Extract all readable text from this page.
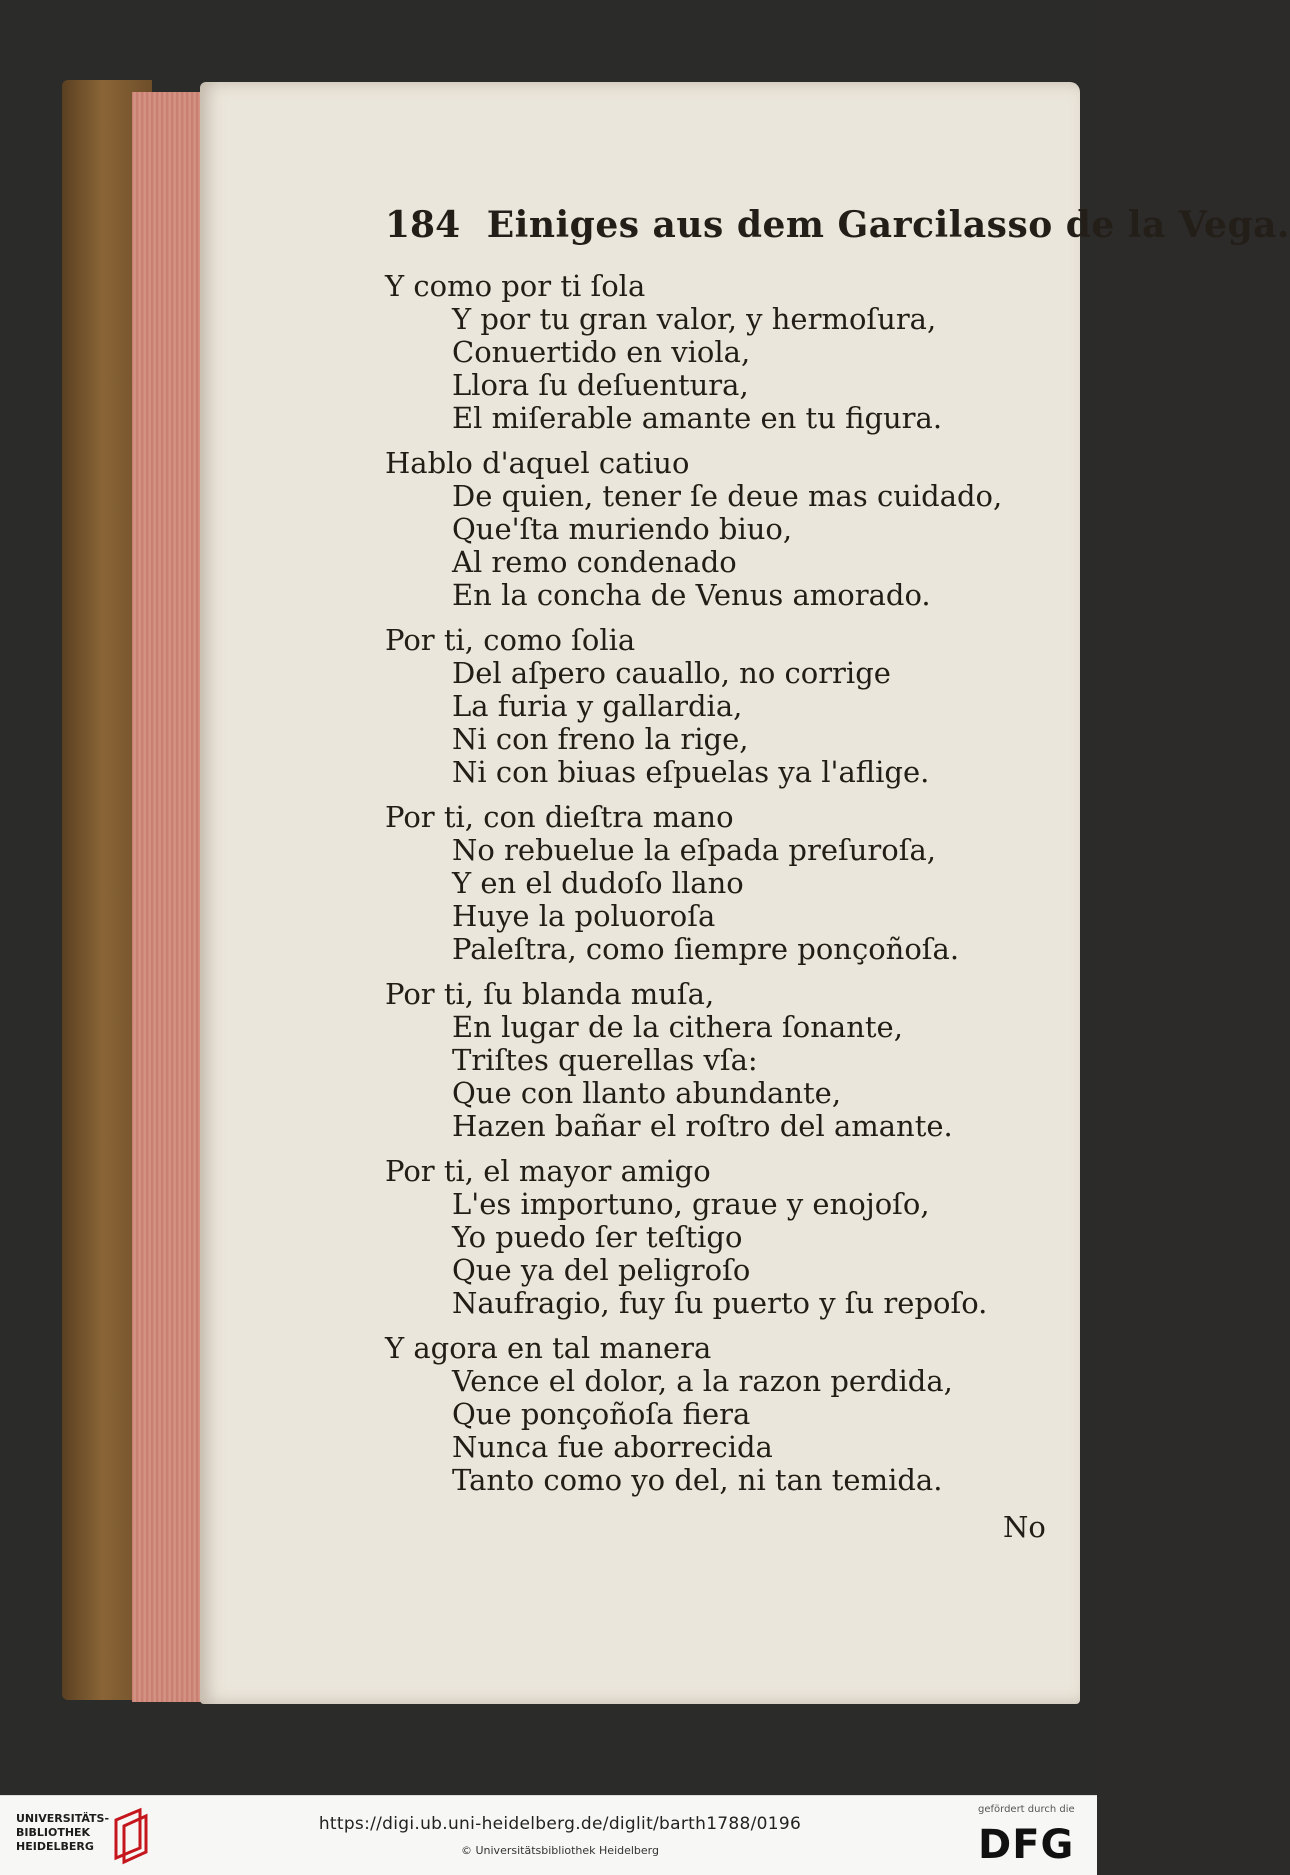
184 Einiges aus dem Garcilasso de la Vega.
Y como por ti ſola
Y por tu gran valor, y hermoſura,
Conuertido en viola,
Llora ſu deſuentura,
El miſerable amante en tu figura.
Hablo d'aquel catiuo
De quien, tener ſe deue mas cuidado,
Que'ſta muriendo biuo,
Al remo condenado
En la concha de Venus amorado.
Por ti, como ſolia
Del aſpero cauallo, no corrige
La furia y gallardia,
Ni con freno la rige,
Ni con biuas eſpuelas ya l'aflige.
Por ti, con dieſtra mano
No rebuelue la eſpada preſuroſa,
Y en el dudoſo llano
Huye la poluoroſa
Paleſtra, como ſiempre ponçoñoſa.
Por ti, ſu blanda muſa,
En lugar de la cithera ſonante,
Triſtes querellas vſa:
Que con llanto abundante,
Hazen bañar el roſtro del amante.
Por ti, el mayor amigo
L'es importuno, graue y enojoſo,
Yo puedo ſer teſtigo
Que ya del peligroſo
Naufragio, fuy ſu puerto y ſu repoſo.
Y agora en tal manera
Vence el dolor, a la razon perdida,
Que ponçoñoſa fiera
Nunca fue aborrecida
Tanto como yo del, ni tan temida.
No
UNIVERSITÄTS-
BIBLIOTHEK
HEIDELBERG
https://digi.ub.uni-heidelberg.de/diglit/barth1788/0196
© Universitätsbibliothek Heidelberg
gefördert durch die
DFG
